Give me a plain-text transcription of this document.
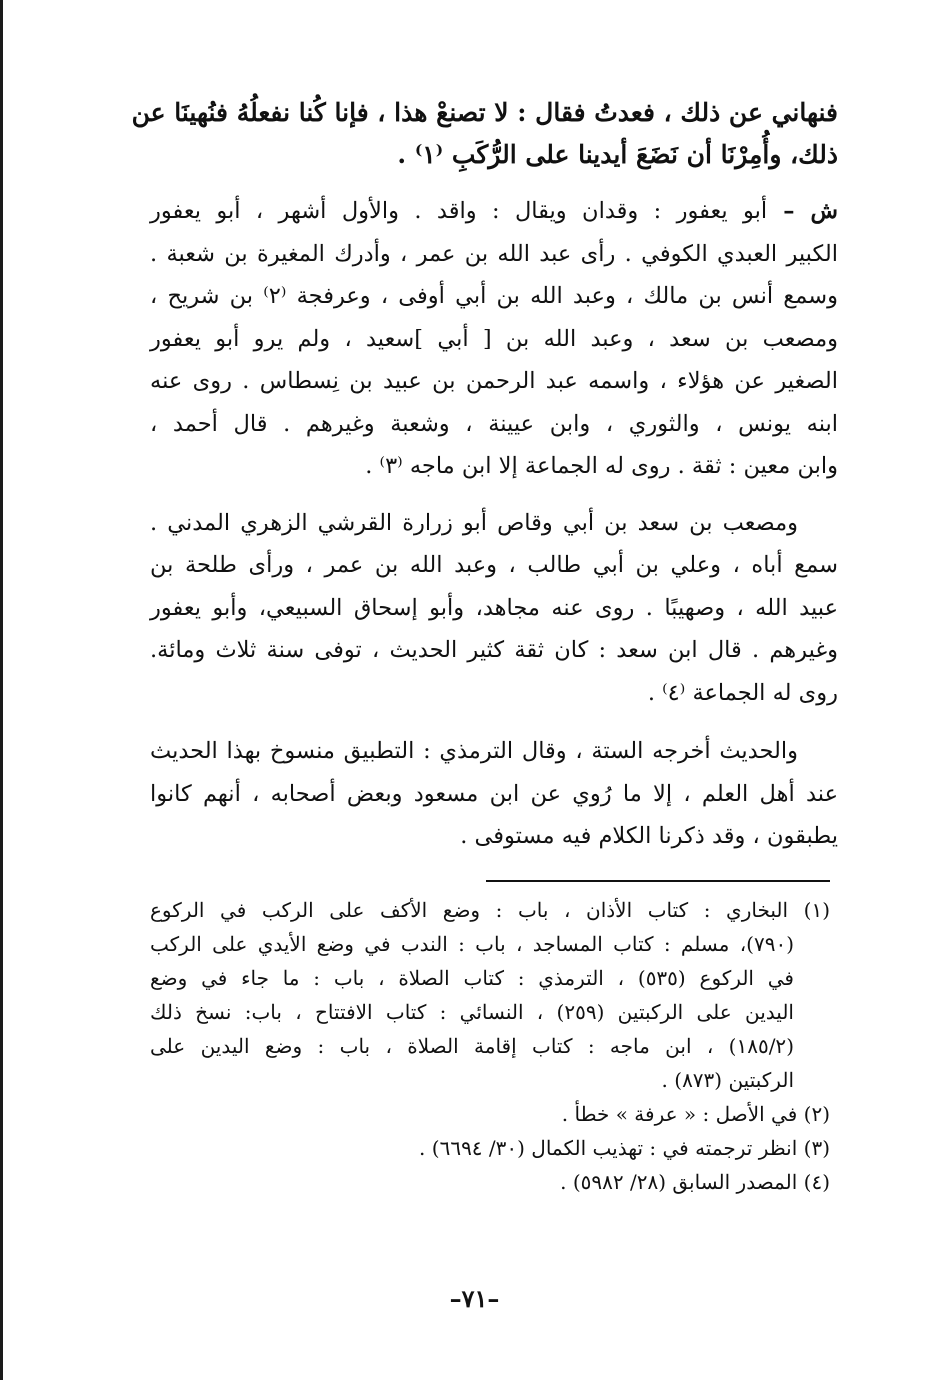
فنهاني عن ذلك ، فعدتُ فقال : لا تصنعْ هذا ، فإنا كُنا نفعلُهُ فنُهينَا عن
ذلك، وأُمِرْنَا أن نَضَعَ أيدينا على الرُّكَبِ ⁽١⁾ .
ش – أبو يعفور : وقدان ويقال : واقد . والأول أشهر ، أبو يعفور
الكبير العبدي الكوفي . رأى عبد الله بن عمر ، وأدرك المغيرة بن شعبة .
وسمع أنس بن مالك ، وعبد الله بن أبي أوفى ، وعرفجة ⁽٢⁾ بن شريح ،
ومصعب بن سعد ، وعبد الله بن [ أبي ]سعيد ، ولم يرو أبو يعفور
الصغير عن هؤلاء ، واسمه عبد الرحمن بن عبيد بن نِسطاس . روى عنه
ابنه يونس ، والثوري ، وابن عيينة ، وشعبة وغيرهم . قال أحمد ،
وابن معين : ثقة . روى له الجماعة إلا ابن ماجه ⁽٣⁾ .
ومصعب بن سعد بن أبي وقاص أبو زرارة القرشي الزهري المدني .
سمع أباه ، وعلي بن أبي طالب ، وعبد الله بن عمر ، ورأى طلحة بن
عبيد الله ، وصهيبًا . روى عنه مجاهد، وأبو إسحاق السبيعي، وأبو يعفور
وغيرهم . قال ابن سعد : كان ثقة كثير الحديث ، توفى سنة ثلاث ومائة.
روى له الجماعة ⁽٤⁾ .
والحديث أخرجه الستة ، وقال الترمذي : التطبيق منسوخ بهذا الحديث
عند أهل العلم ، إلا ما رُوي عن ابن مسعود وبعض أصحابه ، أنهم كانوا
يطبقون ، وقد ذكرنا الكلام فيه مستوفى .
(١) البخاري : كتاب الأذان ، باب : وضع الأكف على الركب في الركوع
(٧٩٠)، مسلم : كتاب المساجد ، باب : الندب في وضع الأيدي على الركب
في الركوع (٥٣٥) ، الترمذي : كتاب الصلاة ، باب : ما جاء في وضع
اليدين على الركبتين (٢٥٩) ، النسائي : كتاب الافتتاح ، باب: نسخ ذلك
(١٨٥/٢) ، ابن ماجه : كتاب إقامة الصلاة ، باب : وضع اليدين على
الركبتين (٨٧٣) .
(٢) في الأصل : « عرفة » خطأ .
(٣) انظر ترجمته في : تهذيب الكمال (٣٠/ ٦٦٩٤) .
(٤) المصدر السابق (٢٨/ ٥٩٨٢) .
–٧١–
